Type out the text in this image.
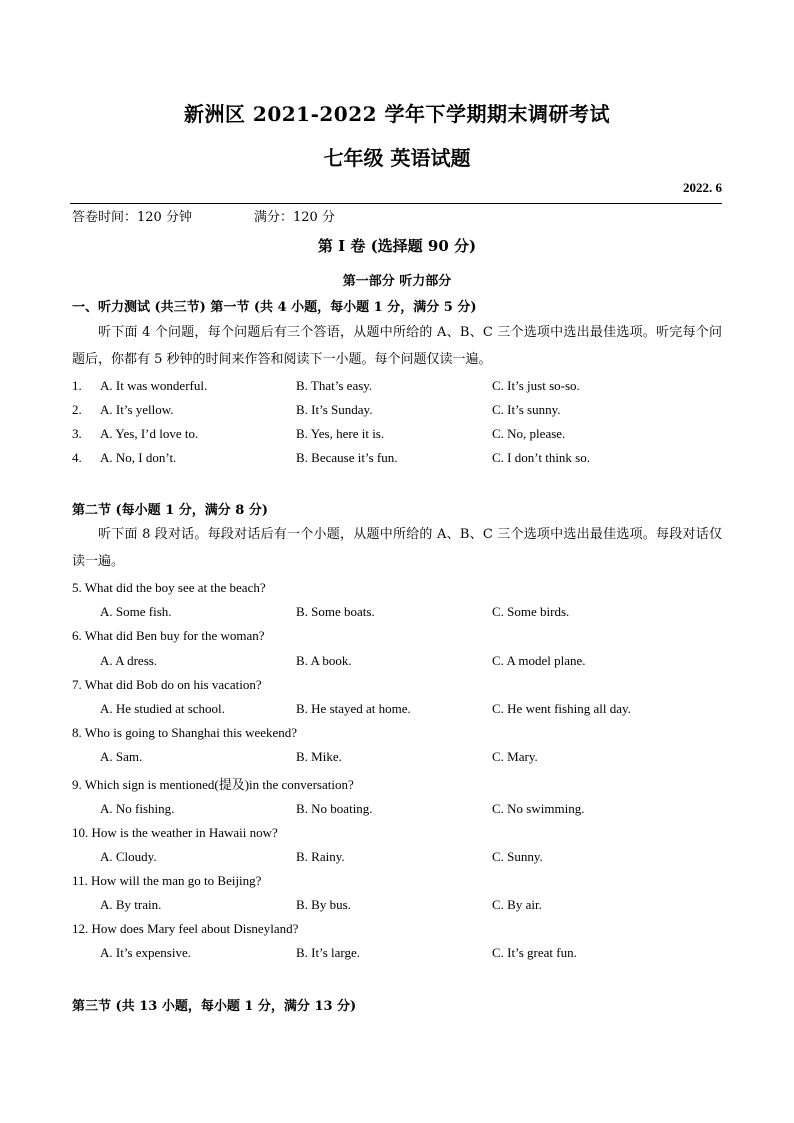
新洲区 2021-2022 学年下学期期末调研考试
七年级 英语试题
2022. 6
答卷时间：120 分钟	满分：120 分
第 I 卷 (选择题 90 分)
第一部分 听力部分
一、听力测试 (共三节) 第一节 (共 4 小题，每小题 1 分，满分 5 分)
听下面 4 个问题，每个问题后有三个答语，从题中所给的 A、B、C 三个选项中选出最佳选项。听完每个问题后，你都有 5 秒钟的时间来作答和阅读下一小题。每个问题仅读一遍。
1. A. It was wonderful.	B. That’s easy.	C. It’s just so-so.
2. A. It’s yellow.	B. It’s Sunday.	C. It’s sunny.
3. A. Yes, I’d love to.	B. Yes, here it is.	C. No, please.
4. A. No, I don’t.	B. Because it’s fun.	C. I don’t think so.
第二节 (每小题 1 分，满分 8 分)
听下面 8 段对话。每段对话后有一个小题，从题中所给的 A、B、C 三个选项中选出最佳选项。每段对话仅读一遍。
5. What did the boy see at the beach?
A. Some fish.	B. Some boats.	C. Some birds.
6. What did Ben buy for the woman?
A. A dress.	B. A book.	C. A model plane.
7. What did Bob do on his vacation?
A. He studied at school.	B. He stayed at home.	C. He went fishing all day.
8. Who is going to Shanghai this weekend?
A. Sam.	B. Mike.	C. Mary.
9. Which sign is mentioned(提及)in the conversation?
A. No fishing.	B. No boating.	C. No swimming.
10. How is the weather in Hawaii now?
A. Cloudy.	B. Rainy.	C. Sunny.
11. How will the man go to Beijing?
A. By train.	B. By bus.	C. By air.
12. How does Mary feel about Disneyland?
A. It’s expensive.	B. It’s large.	C. It’s great fun.
第三节 (共 13 小题，每小题 1 分，满分 13 分)
